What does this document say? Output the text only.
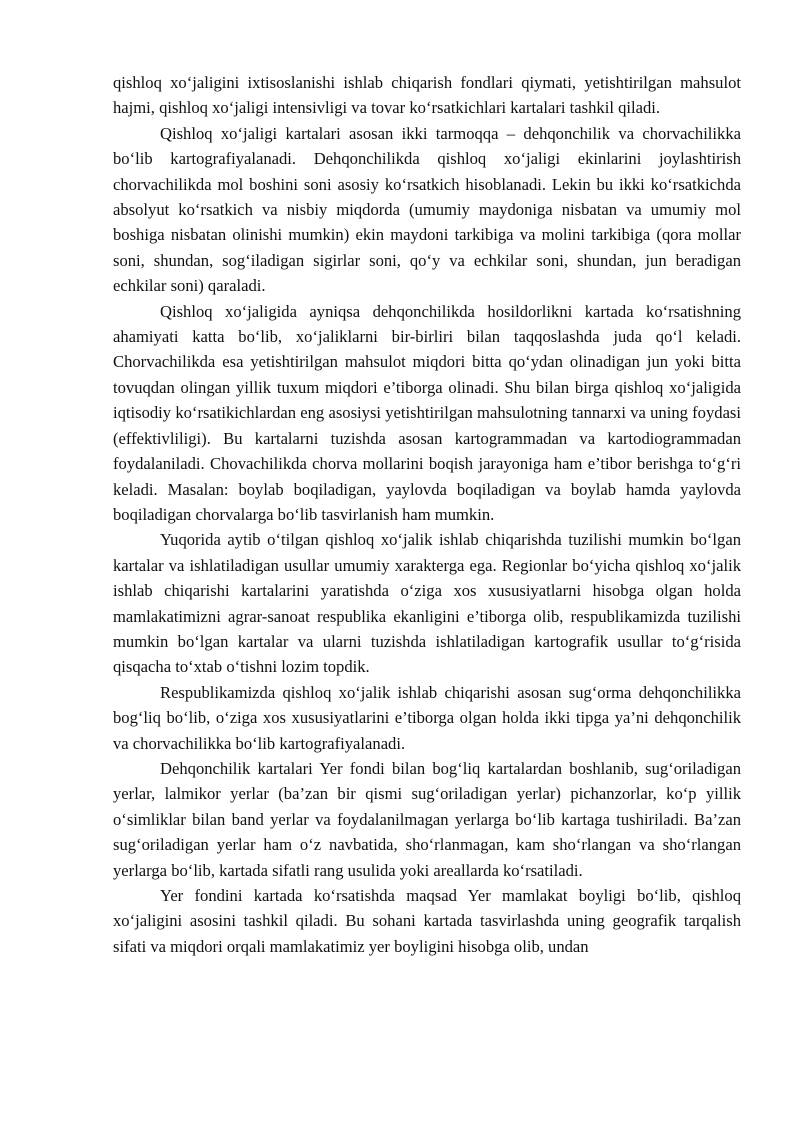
qishloq xo‘jaligini ixtisoslanishi ishlab chiqarish fondlari qiymati, yetishtirilgan mahsulot hajmi, qishloq xo‘jaligi intensivligi va tovar ko‘rsatkichlari kartalari tashkil qiladi.

Qishloq xo‘jaligi kartalari asosan ikki tarmoqqa – dehqonchilik va chorvachilikka bo‘lib kartografiyalanadi. Dehqonchilikda qishloq xo‘jaligi ekinlarini joylashtirish chorvachilikda mol boshini soni asosiy ko‘rsatkich hisoblanadi. Lekin bu ikki ko‘rsatkichda absolyut ko‘rsatkich va nisbiy miqdorda (umumiy maydoniga nisbatan va umumiy mol boshiga nisbatan olinishi mumkin) ekin maydoni tarkibiga va molini tarkibiga (qora mollar soni, shundan, sog‘iladigan sigirlar soni, qo‘y va echkilar soni, shundan, jun beradigan echkilar soni) qaraladi.

Qishloq xo‘jaligida ayniqsa dehqonchilikda hosildorlikni kartada ko‘rsatishning ahamiyati katta bo‘lib, xo‘jaliklarni bir-birliri bilan taqqoslashda juda qo‘l keladi. Chorvachilikda esa yetishtirilgan mahsulot miqdori bitta qo‘ydan olinadigan jun yoki bitta tovuqdan olingan yillik tuxum miqdori e’tiborga olinadi. Shu bilan birga qishloq xo‘jaligida iqtisodiy ko‘rsatikichlardan eng asosiysi yetishtirilgan mahsulotning tannarxi va uning foydasi (effektivliligi). Bu kartalarni tuzishda asosan kartogrammadan va kartodiogrammadan foydalaniladi. Chovachilikda chorva mollarini boqish jarayoniga ham e’tibor berishga to‘g‘ri keladi. Masalan: boylab boqiladigan, yaylovda boqiladigan va boylab hamda yaylovda boqiladigan chorvalarga bo‘lib tasvirlanish ham mumkin.

Yuqorida aytib o‘tilgan qishloq xo‘jalik ishlab chiqarishda tuzilishi mumkin bo‘lgan kartalar va ishlatiladigan usullar umumiy xarakterga ega. Regionlar bo‘yicha qishloq xo‘jalik ishlab chiqarishi kartalarini yaratishda o‘ziga xos xususiyatlarni hisobga olgan holda mamlakatimizni agrar-sanoat respublika ekanligini e’tiborga olib, respublikamizda tuzilishi mumkin bo‘lgan kartalar va ularni tuzishda ishlatiladigan kartografik usullar to‘g‘risida qisqacha to‘xtab o‘tishni lozim topdik.

Respublikamizda qishloq xo‘jalik ishlab chiqarishi asosan sug‘orma dehqonchilikka bog‘liq bo‘lib, o‘ziga xos xususiyatlarini e’tiborga olgan holda ikki tipga ya’ni dehqonchilik va chorvachilikka bo‘lib kartografiyalanadi.

Dehqonchilik kartalari Yer fondi bilan bog‘liq kartalardan boshlanib, sug‘oriladigan yerlar, lalmikor yerlar (ba’zan bir qismi sug‘oriladigan yerlar) pichanzorlar, ko‘p yillik o‘simliklar bilan band yerlar va foydalanilmagan yerlarga bo‘lib kartaga tushiriladi. Ba’zan sug‘oriladigan yerlar ham o‘z navbatida, sho‘rlanmagan, kam sho‘rlangan va sho‘rlangan yerlarga bo‘lib, kartada sifatli rang usulida yoki areallarda ko‘rsatiladi.

Yer fondini kartada ko‘rsatishda maqsad Yer mamlakat boyligi bo‘lib, qishloq xo‘jaligini asosini tashkil qiladi. Bu sohani kartada tasvirlashda uning geografik tarqalish sifati va miqdori orqali mamlakatimiz yer boyligini hisobga olib, undan
